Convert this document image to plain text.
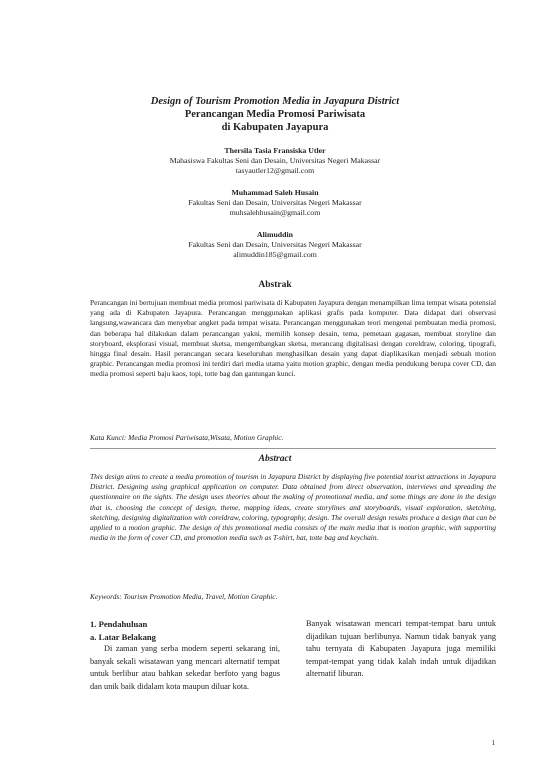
Design of Tourism Promotion Media in Jayapura District
Perancangan Media Promosi Pariwisata
di Kabupaten Jayapura
Thersila Tasia Fransiska Utler
Mahasiswa Fakultas Seni dan Desain, Universitas Negeri Makassar
tasyautler12@gmail.com
Muhammad Saleh Husain
Fakultas Seni dan Desain, Universitas Negeri Makassar
muhsalehhusain@gmail.com
Alimuddin
Fakultas Seni dan Desain, Universitas Negeri Makassar
alimuddin185@gmail.com
Abstrak
Perancangan ini bertujuan membuat media promosi pariwisata di Kabupaten Jayapura dengan menampilkan lima tempat wisata potensial yang ada di Kabupaten Jayapura. Perancangan menggunakan aplikasi grafis pada komputer. Data didapat dari observasi langsung,wawancara dan menyebar angket pada tempat wisata. Perancangan menggunakan teori mengenai pembuatan media promosi, dan beberapa hal dilakukan dalam perancangan yakni, memilih konsep desain, tema, pemetaan gagasan, membuat storyline dan storyboard, eksplorasi visual, membuat sketsa, mengembangkan sketsa, merancang digitalisasi dengan coreldraw, coloring, tipografi, hingga final desain. Hasil perancangan secara keseluruhan menghasilkan desain yang dapat diaplikasikan menjadi sebuah motion graphic. Perancangan media promosi ini terdiri dari media utama yaitu motion graphic, dengan media pendukung berupa cover CD, dan media promosi seperti baju kaos, topi, totte bag dan gantungan kunci.
Kata Kunci: Media Promosi Pariwisata,Wisata, Motion Graphic.
Abstract
This design aims to create a media promotion of tourism in Jayapura District by displaying five potential tourist attractions in Jayapura District. Designing using graphical application on computer. Data obtained from direct observation, interviews and spreading the questionnaire on the sights. The design uses theories about the making of promotional media, and some things are done in the design that is, choosing the concept of design, theme, mapping ideas, create storylines and storyboards, visual exploration, sketching, sketching, designing digitalization with coreldraw, coloring, typography, design. The overall design results produce a design that can be applied to a motion graphic. The design of this promotional media consists of the main media that is motion graphic, with supporting media in the form of cover CD, and promotion media such as T-shirt, hat, totte bag and keychain.
Keywords: Tourism Promotion Media, Travel, Motion Graphic.
1. Pendahuluan
a. Latar Belakang
Di zaman yang serba modern seperti sekarang ini, banyak sekali wisatawan yang mencari alternatif tempat untuk berlibur atau bahkan sekedar berfoto yang bagus dan unik baik didalam kota maupun diluar kota.
Banyak wisatawan mencari tempat-tempat baru untuk dijadikan tujuan berlibunya. Namun tidak banyak yang tahu ternyata di Kabupaten Jayapura juga memiliki tempat-tempat yang tidak kalah indah untuk dijadikan alternatif liburan.
1
